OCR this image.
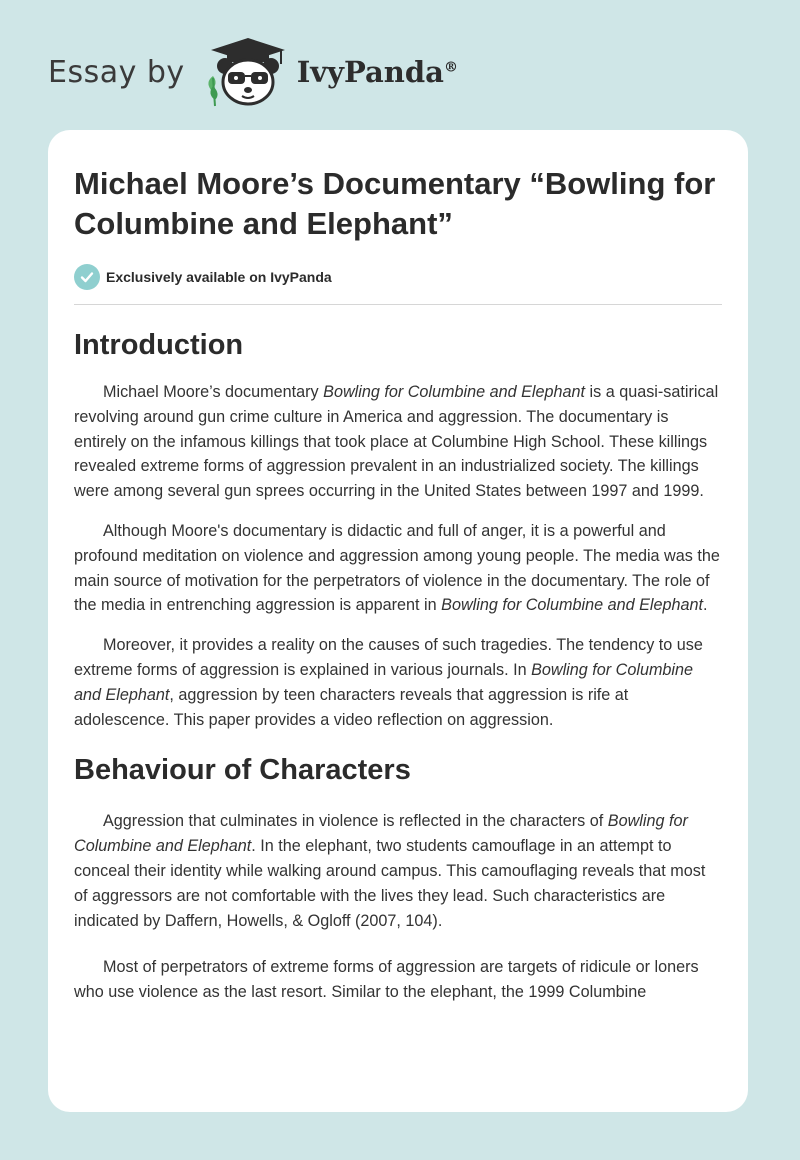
Essay by	IvyPanda®
Michael Moore’s Documentary “Bowling for Columbine and Elephant”
Exclusively available on IvyPanda
Introduction

Michael Moore’s documentary Bowling for Columbine and Elephant is a quasi-satirical revolving around gun crime culture in America and aggression. The documentary is entirely on the infamous killings that took place at Columbine High School. These killings revealed extreme forms of aggression prevalent in an industrialized society. The killings were among several gun sprees occurring in the United States between 1997 and 1999.

Although Moore's documentary is didactic and full of anger, it is a powerful and profound meditation on violence and aggression among young people. The media was the main source of motivation for the perpetrators of violence in the documentary. The role of the media in entrenching aggression is apparent in Bowling for Columbine and Elephant.

Moreover, it provides a reality on the causes of such tragedies. The tendency to use extreme forms of aggression is explained in various journals. In Bowling for Columbine and Elephant, aggression by teen characters reveals that aggression is rife at adolescence. This paper provides a video reflection on aggression.

Behaviour of Characters

Aggression that culminates in violence is reflected in the characters of Bowling for Columbine and Elephant. In the elephant, two students camouflage in an attempt to conceal their identity while walking around campus. This camouflaging reveals that most of aggressors are not comfortable with the lives they lead. Such characteristics are indicated by Daffern, Howells, & Ogloff (2007, 104).

Most of perpetrators of extreme forms of aggression are targets of ridicule or loners who use violence as the last resort. Similar to the elephant, the 1999 Columbine
